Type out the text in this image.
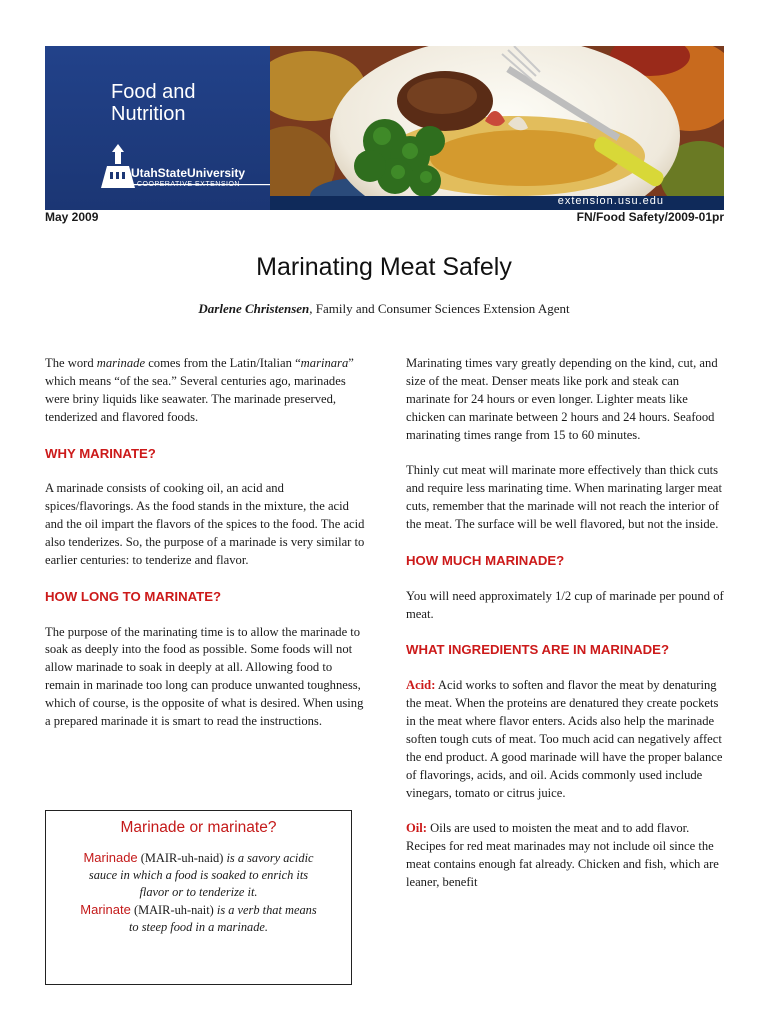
Food and
Nutrition
UtahStateUniversity
COOPERATIVE EXTENSION
extension.usu.edu
May 2009	FN/Food Safety/2009-01pr
Marinating Meat Safely
Darlene Christensen, Family and Consumer Sciences Extension Agent

The word marinade comes from the Latin/Italian “marinara” which means “of the sea.” Several centuries ago, marinades were briny liquids like seawater. The marinade preserved, tenderized and flavored foods.

WHY MARINATE?

A marinade consists of cooking oil, an acid and spices/flavorings. As the food stands in the mixture, the acid and the oil impart the flavors of the spices to the food. The acid also tenderizes. So, the purpose of a marinade is very similar to earlier centuries: to tenderize and flavor.

HOW LONG TO MARINATE?

The purpose of the marinating time is to allow the marinade to soak as deeply into the food as possible. Some foods will not allow marinade to soak in deeply at all. Allowing food to remain in marinade too long can produce unwanted toughness, which of course, is the opposite of what is desired. When using a prepared marinade it is smart to read the instructions.

Marinade or marinate?
Marinade (MAIR-uh-naid) is a savory acidic sauce in which a food is soaked to enrich its flavor or to tenderize it.
Marinate (MAIR-uh-nait) is a verb that means to steep food in a marinade.

Marinating times vary greatly depending on the kind, cut, and size of the meat. Denser meats like pork and steak can marinate for 24 hours or even longer. Lighter meats like chicken can marinate between 2 hours and 24 hours. Seafood marinating times range from 15 to 60 minutes.

Thinly cut meat will marinate more effectively than thick cuts and require less marinating time. When marinating larger meat cuts, remember that the marinade will not reach the interior of the meat. The surface will be well flavored, but not the inside.

HOW MUCH MARINADE?

You will need approximately 1/2 cup of marinade per pound of meat.

WHAT INGREDIENTS ARE IN MARINADE?

Acid: Acid works to soften and flavor the meat by denaturing the meat. When the proteins are denatured they create pockets in the meat where flavor enters. Acids also help the marinade soften tough cuts of meat. Too much acid can negatively affect the end product. A good marinade will have the proper balance of flavorings, acids, and oil. Acids commonly used include vinegars, tomato or citrus juice.

Oil: Oils are used to moisten the meat and to add flavor. Recipes for red meat marinades may not include oil since the meat contains enough fat already. Chicken and fish, which are leaner, benefit
